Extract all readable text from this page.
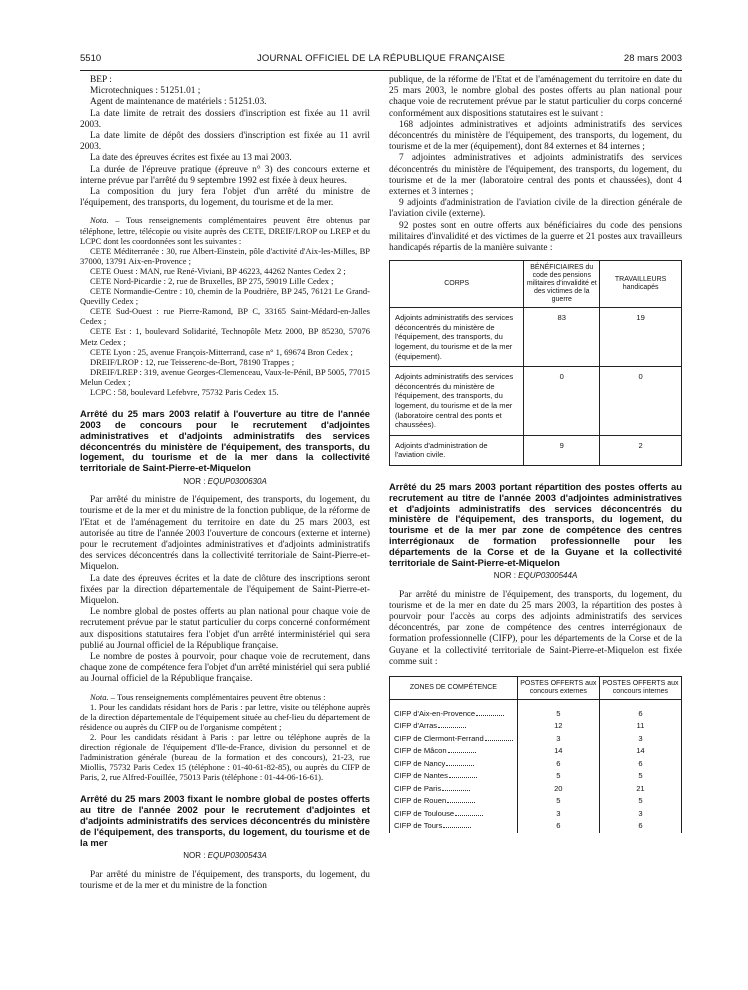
5510	JOURNAL OFFICIEL DE LA RÉPUBLIQUE FRANÇAISE	28 mars 2003

BEP :

Microtechniques : 51251.01 ;

Agent de maintenance de matériels : 51251.03.

La date limite de retrait des dossiers d'inscription est fixée au 11 avril 2003.

La date limite de dépôt des dossiers d'inscription est fixée au 11 avril 2003.

La date des épreuves écrites est fixée au 13 mai 2003.

La durée de l'épreuve pratique (épreuve n° 3) des concours externe et interne prévue par l'arrêté du 9 septembre 1992 est fixée à deux heures.

La composition du jury fera l'objet d'un arrêté du ministre de l'équipement, des transports, du logement, du tourisme et de la mer.

Nota. – Tous renseignements complémentaires peuvent être obtenus par téléphone, lettre, télécopie ou visite auprès des CETE, DREIF/LROP ou LREP et du LCPC dont les coordonnées sont les suivantes :

CETE Méditerranée : 30, rue Albert-Einstein, pôle d'activité d'Aix-les-Milles, BP 37000, 13791 Aix-en-Provence ;

CETE Ouest : MAN, rue René-Viviani, BP 46223, 44262 Nantes Cedex 2 ;

CETE Nord-Picardie : 2, rue de Bruxelles, BP 275, 59019 Lille Cedex ;

CETE Normandie-Centre : 10, chemin de la Poudrière, BP 245, 76121 Le Grand-Quevilly Cedex ;

CETE Sud-Ouest : rue Pierre-Ramond, BP C, 33165 Saint-Médard-en-Jalles Cedex ;

CETE Est : 1, boulevard Solidarité, Technopôle Metz 2000, BP 85230, 57076 Metz Cedex ;

CETE Lyon : 25, avenue François-Mitterrand, case n° 1, 69674 Bron Cedex ;

DREIF/LROP : 12, rue Teisserenc-de-Bort, 78190 Trappes ;

DREIF/LREP : 319, avenue Georges-Clemenceau, Vaux-le-Pénil, BP 5005, 77015 Melun Cedex ;

LCPC : 58, boulevard Lefebvre, 75732 Paris Cedex 15.

Arrêté du 25 mars 2003 relatif à l'ouverture au titre de l'année 2003 de concours pour le recrutement d'adjointes administratives et d'adjoints administratifs des services déconcentrés du ministère de l'équipement, des transports, du logement, du tourisme et de la mer dans la collectivité territoriale de Saint-Pierre-et-Miquelon

NOR : EQUP0300630A

Par arrêté du ministre de l'équipement, des transports, du logement, du tourisme et de la mer et du ministre de la fonction publique, de la réforme de l'Etat et de l'aménagement du territoire en date du 25 mars 2003, est autorisée au titre de l'année 2003 l'ouverture de concours (externe et interne) pour le recrutement d'adjointes administratives et d'adjoints administratifs des services déconcentrés dans la collectivité territoriale de Saint-Pierre-et-Miquelon.

La date des épreuves écrites et la date de clôture des inscriptions seront fixées par la direction départementale de l'équipement de Saint-Pierre-et-Miquelon.

Le nombre global de postes offerts au plan national pour chaque voie de recrutement prévue par le statut particulier du corps concerné conformément aux dispositions statutaires fera l'objet d'un arrêté interministériel qui sera publié au Journal officiel de la République française.

Le nombre de postes à pourvoir, pour chaque voie de recrutement, dans chaque zone de compétence fera l'objet d'un arrêté ministériel qui sera publié au Journal officiel de la République française.

Nota. – Tous renseignements complémentaires peuvent être obtenus :

1. Pour les candidats résidant hors de Paris : par lettre, visite ou téléphone auprès de la direction départementale de l'équipement située au chef-lieu du département de résidence ou auprès du CIFP ou de l'organisme compétent ;

2. Pour les candidats résidant à Paris : par lettre ou téléphone auprès de la direction régionale de l'équipement d'Ile-de-France, division du personnel et de l'administration générale (bureau de la formation et des concours), 21-23, rue Miollis, 75732 Paris Cedex 15 (téléphone : 01-40-61-82-85), ou auprès du CIFP de Paris, 2, rue Alfred-Fouillée, 75013 Paris (téléphone : 01-44-06-16-61).

Arrêté du 25 mars 2003 fixant le nombre global de postes offerts au titre de l'année 2002 pour le recrutement d'adjointes et d'adjoints administratifs des services déconcentrés du ministère de l'équipement, des transports, du logement, du tourisme et de la mer

NOR : EQUP0300543A

Par arrêté du ministre de l'équipement, des transports, du logement, du tourisme et de la mer et du ministre de la fonction

publique, de la réforme de l'Etat et de l'aménagement du territoire en date du 25 mars 2003, le nombre global des postes offerts au plan national pour chaque voie de recrutement prévue par le statut particulier du corps concerné conformément aux dispositions statutaires est le suivant :

168 adjointes administratives et adjoints administratifs des services déconcentrés du ministère de l'équipement, des transports, du logement, du tourisme et de la mer (équipement), dont 84 externes et 84 internes ;

7 adjointes administratives et adjoints administratifs des services déconcentrés du ministère de l'équipement, des transports, du logement, du tourisme et de la mer (laboratoire central des ponts et chaussées), dont 4 externes et 3 internes ;

9 adjoints d'administration de l'aviation civile de la direction générale de l'aviation civile (externe).

92 postes sont en outre offerts aux bénéficiaires du code des pensions militaires d'invalidité et des victimes de la guerre et 21 postes aux travailleurs handicapés répartis de la manière suivante :

CORPS	BÉNÉFICIAIRES du code des pensions militaires d'invalidité et des victimes de la guerre	TRAVAILLEURS handicapés
Adjoints administratifs des services déconcentrés du ministère de l'équipement, des transports, du logement, du tourisme et de la mer (équipement).	83	19
Adjoints administratifs des services déconcentrés du ministère de l'équipement, des transports, du logement, du tourisme et de la mer (laboratoire central des ponts et chaussées).	0	0
Adjoints d'administration de l'aviation civile.	9	2

Arrêté du 25 mars 2003 portant répartition des postes offerts au recrutement au titre de l'année 2003 d'adjointes administratives et d'adjoints administratifs des services déconcentrés du ministère de l'équipement, des transports, du logement, du tourisme et de la mer par zone de compétence des centres interrégionaux de formation professionnelle pour les départements de la Corse et de la Guyane et la collectivité territoriale de Saint-Pierre-et-Miquelon

NOR : EQUP0300544A

Par arrêté du ministre de l'équipement, des transports, du logement, du tourisme et de la mer en date du 25 mars 2003, la répartition des postes à pourvoir pour l'accès au corps des adjoints administratifs des services déconcentrés, par zone de compétence des centres interrégionaux de formation professionnelle (CIFP), pour les départements de la Corse et de la Guyane et la collectivité territoriale de Saint-Pierre-et-Miquelon est fixée comme suit :

ZONES DE COMPÉTENCE	POSTES OFFERTS aux concours externes	POSTES OFFERTS aux concours internes
CIFP d'Aix-en-Provence	5	6
CIFP d'Arras	12	11
CIFP de Clermont-Ferrand	3	3
CIFP de Mâcon	14	14
CIFP de Nancy	6	6
CIFP de Nantes	5	5
CIFP de Paris	20	21
CIFP de Rouen	5	5
CIFP de Toulouse	3	3
CIFP de Tours	6	6
